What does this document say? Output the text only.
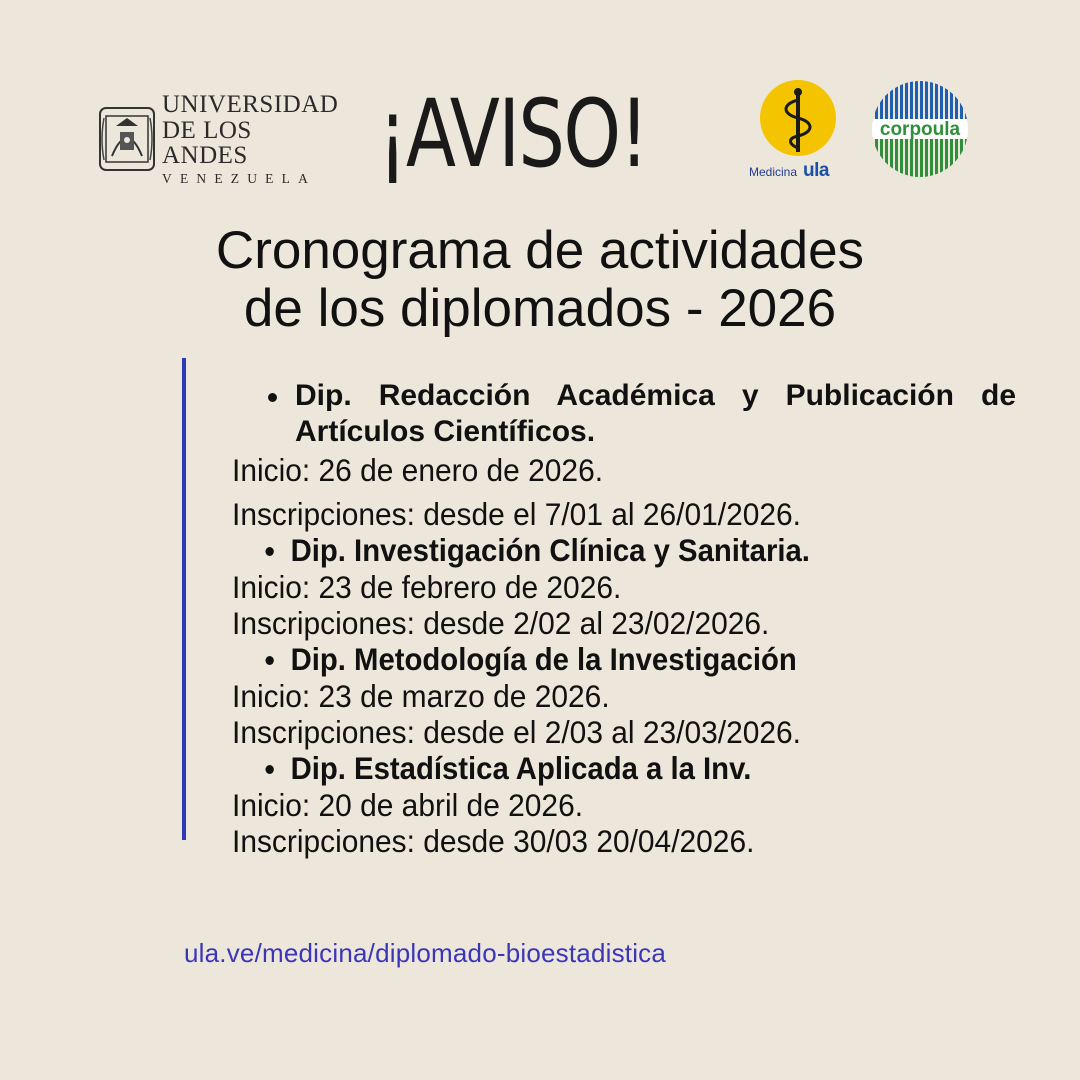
UNIVERSIDAD
DE LOS ANDES
VENEZUELA ¡AVISO!	Medicina ula
corpoula
Cronograma de actividades
de los diplomados - 2026
Dip. Redacción Académica y Publicación de Artículos Científicos.
Inicio: 26 de enero de 2026.
Inscripciones: desde el 7/01 al 26/01/2026.
Dip. Investigación Clínica y Sanitaria.
Inicio: 23 de febrero de 2026.
Inscripciones: desde 2/02 al 23/02/2026.
Dip. Metodología de la Investigación
Inicio: 23 de marzo de 2026.
Inscripciones: desde el 2/03 al 23/03/2026.
Dip. Estadística Aplicada a la Inv.
Inicio: 20 de abril de 2026.
Inscripciones: desde 30/03 20/04/2026.
ula.ve/medicina/diplomado-bioestadistica
